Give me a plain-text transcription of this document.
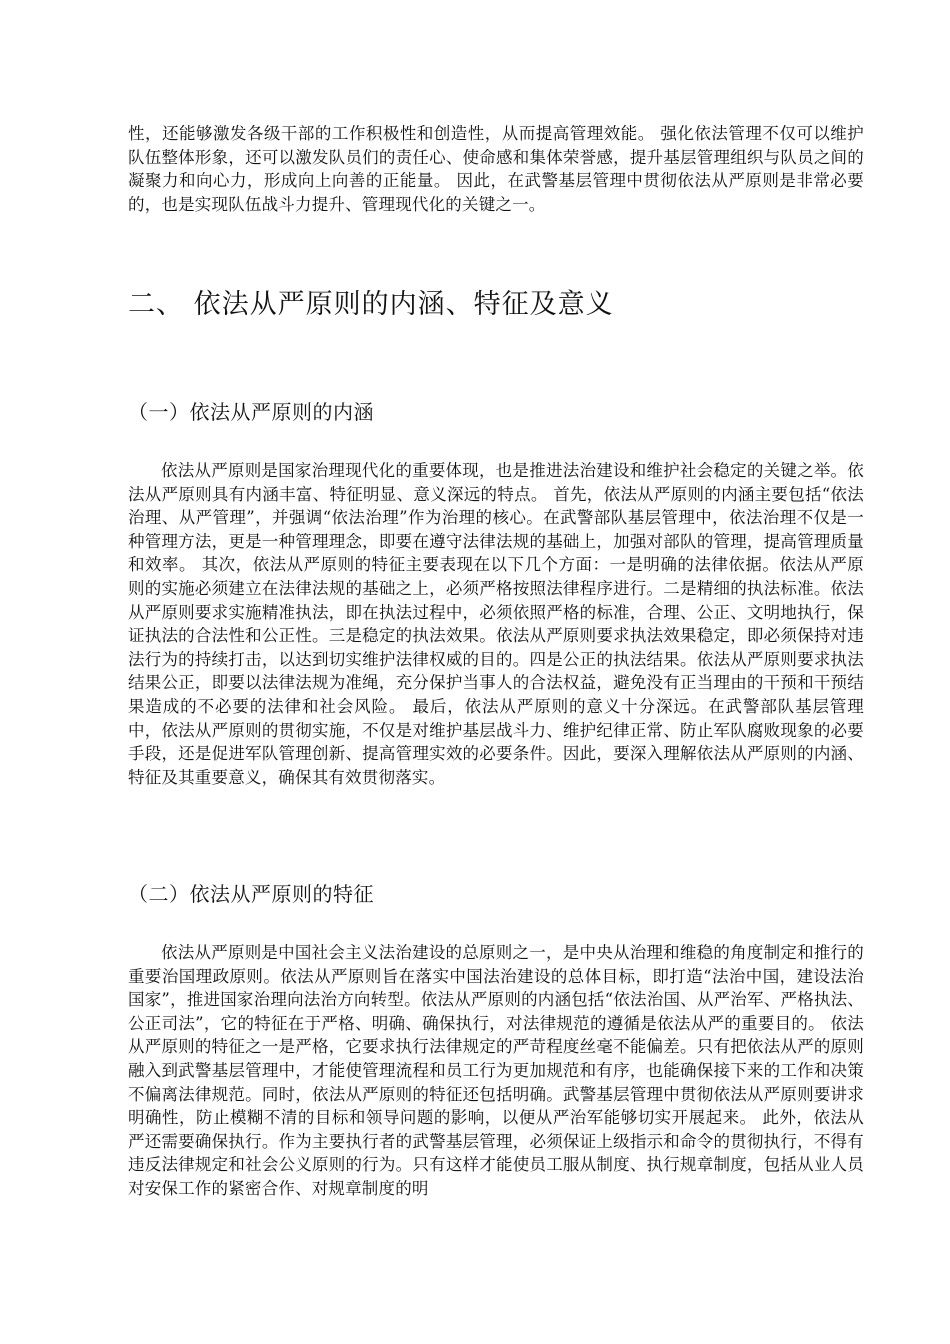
性，还能够激发各级干部的工作积极性和创造性，从而提高管理效能。 强化依法管理不仅可以维护队伍整体形象，还可以激发队员们的责任心、使命感和集体荣誉感，提升基层管理组织与队员之间的凝聚力和向心力，形成向上向善的正能量。 因此，在武警基层管理中贯彻依法从严原则是非常必要的，也是实现队伍战斗力提升、管理现代化的关键之一。

二、 依法从严原则的内涵、特征及意义
（一）依法从严原则的内涵

依法从严原则是国家治理现代化的重要体现，也是推进法治建设和维护社会稳定的关键之举。依法从严原则具有内涵丰富、特征明显、意义深远的特点。 首先，依法从严原则的内涵主要包括“依法治理、从严管理”，并强调“依法治理”作为治理的核心。在武警部队基层管理中，依法治理不仅是一种管理方法，更是一种管理理念，即要在遵守法律法规的基础上，加强对部队的管理，提高管理质量和效率。 其次，依法从严原则的特征主要表现在以下几个方面：一是明确的法律依据。依法从严原则的实施必须建立在法律法规的基础之上，必须严格按照法律程序进行。二是精细的执法标准。依法从严原则要求实施精准执法，即在执法过程中，必须依照严格的标准，合理、公正、文明地执行，保证执法的合法性和公正性。三是稳定的执法效果。依法从严原则要求执法效果稳定，即必须保持对违法行为的持续打击，以达到切实维护法律权威的目的。四是公正的执法结果。依法从严原则要求执法结果公正，即要以法律法规为准绳，充分保护当事人的合法权益，避免没有正当理由的干预和干预结果造成的不必要的法律和社会风险。 最后，依法从严原则的意义十分深远。在武警部队基层管理中，依法从严原则的贯彻实施，不仅是对维护基层战斗力、维护纪律正常、防止军队腐败现象的必要手段，还是促进军队管理创新、提高管理实效的必要条件。因此，要深入理解依法从严原则的内涵、特征及其重要意义，确保其有效贯彻落实。

（二）依法从严原则的特征

依法从严原则是中国社会主义法治建设的总原则之一，是中央从治理和维稳的角度制定和推行的重要治国理政原则。依法从严原则旨在落实中国法治建设的总体目标，即打造“法治中国，建设法治国家”，推进国家治理向法治方向转型。依法从严原则的内涵包括“依法治国、从严治军、严格执法、公正司法”，它的特征在于严格、明确、确保执行，对法律规范的遵循是依法从严的重要目的。 依法从严原则的特征之一是严格，它要求执行法律规定的严苛程度丝毫不能偏差。只有把依法从严的原则融入到武警基层管理中，才能使管理流程和员工行为更加规范和有序，也能确保接下来的工作和决策不偏离法律规范。同时，依法从严原则的特征还包括明确。武警基层管理中贯彻依法从严原则要讲求明确性，防止模糊不清的目标和领导问题的影响，以便从严治军能够切实开展起来。 此外，依法从严还需要确保执行。作为主要执行者的武警基层管理，必须保证上级指示和命令的贯彻执行，不得有违反法律规定和社会公义原则的行为。只有这样才能使员工服从制度、执行规章制度，包括从业人员对安保工作的紧密合作、对规章制度的明
